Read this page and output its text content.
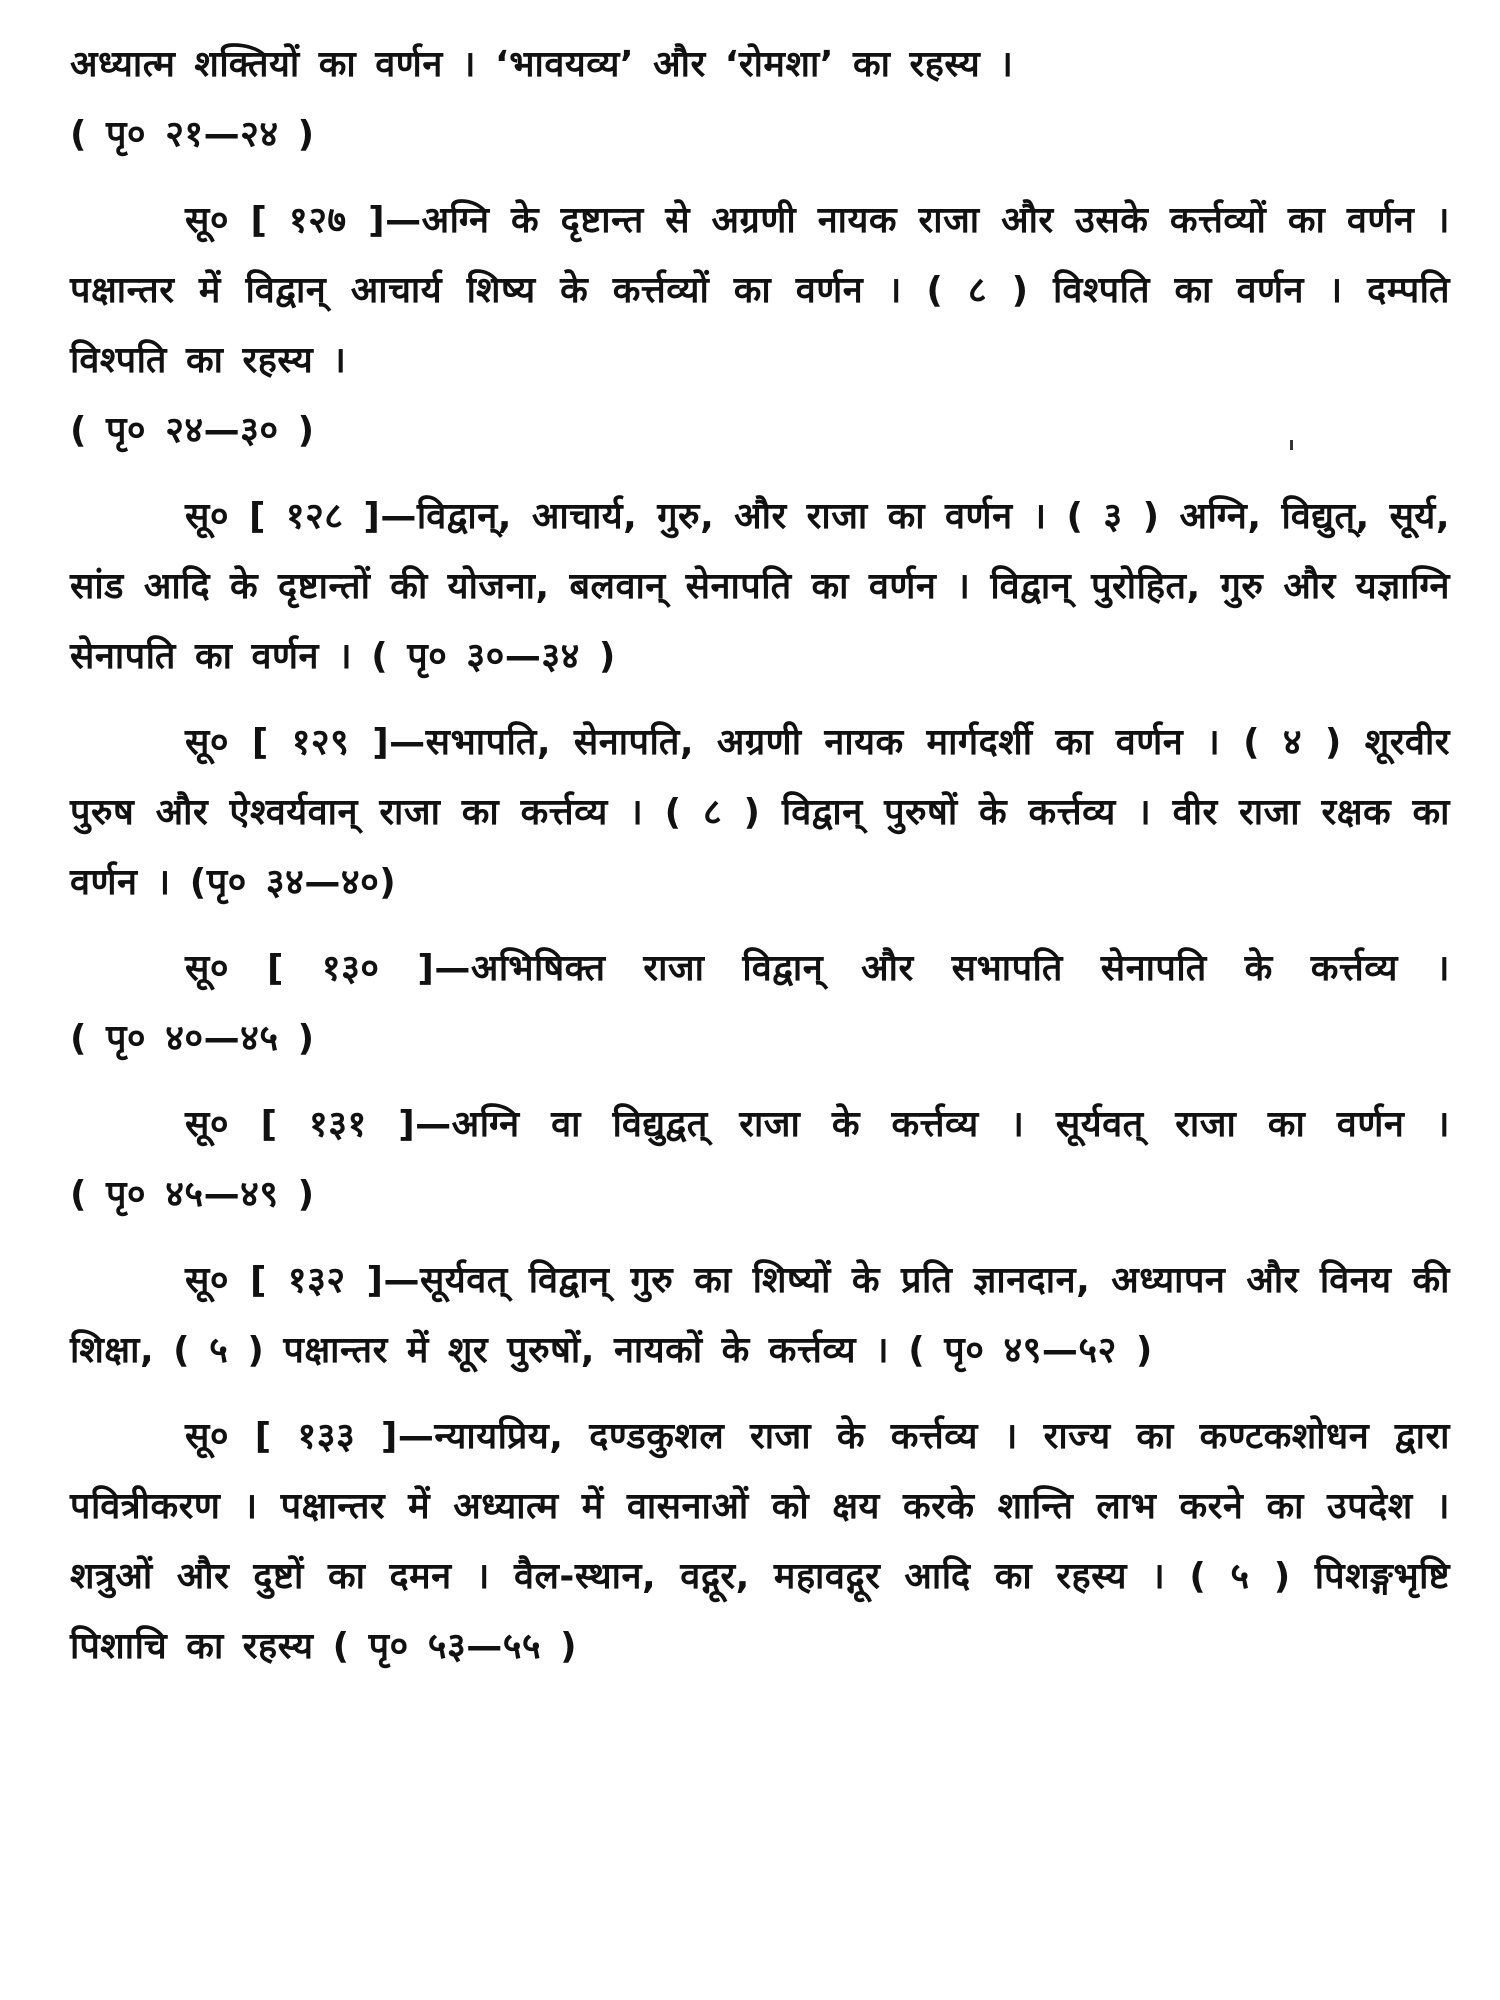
अध्यात्म शक्तियों का वर्णन । ‘भावयव्य’ और ‘रोमशा’ का रहस्य ।
( पृ० २१—२४ )

सू० [ १२७ ]—अग्नि के दृष्टान्त से अग्रणी नायक राजा और उसके कर्त्तव्यों का वर्णन । पक्षान्तर में विद्वान् आचार्य शिष्य के कर्त्तव्यों का वर्णन । ( ८ ) विश्पति का वर्णन । दम्पति विश्पति का रहस्य ।
( पृ० २४—३० )

सू० [ १२८ ]—विद्वान्, आचार्य, गुरु, और राजा का वर्णन । ( ३ ) अग्नि, विद्युत्, सूर्य, सांड आदि के दृष्टान्तों की योजना, बलवान् सेनापति का वर्णन । विद्वान् पुरोहित, गुरु और यज्ञाग्नि सेनापति का वर्णन । ( पृ० ३०—३४ )

सू० [ १२९ ]—सभापति, सेनापति, अग्रणी नायक मार्गदर्शी का वर्णन । ( ४ ) शूरवीर पुरुष और ऐश्वर्यवान् राजा का कर्त्तव्य । ( ८ ) विद्वान् पुरुषों के कर्त्तव्य । वीर राजा रक्षक का वर्णन । (पृ० ३४—४०)

सू० [ १३० ]—अभिषिक्त राजा विद्वान् और सभापति सेनापति के कर्त्तव्य । ( पृ० ४०—४५ )

सू० [ १३१ ]—अग्नि वा विद्युद्वत् राजा के कर्त्तव्य । सूर्यवत् राजा का वर्णन । ( पृ० ४५—४९ )

सू० [ १३२ ]—सूर्यवत् विद्वान् गुरु का शिष्यों के प्रति ज्ञानदान, अध्यापन और विनय की शिक्षा, ( ५ ) पक्षान्तर में शूर पुरुषों, नायकों के कर्त्तव्य । ( पृ० ४९—५२ )

सू० [ १३३ ]—न्यायप्रिय, दण्डकुशल राजा के कर्त्तव्य । राज्य का कण्टकशोधन द्वारा पवित्रीकरण । पक्षान्तर में अध्यात्म में वासनाओं को क्षय करके शान्ति लाभ करने का उपदेश । शत्रुओं और दुष्टों का दमन । वैल-स्थान, वद्गूर, महावद्गूर आदि का रहस्य । ( ५ ) पिशङ्गभृष्टि पिशाचि का रहस्य ( पृ० ५३—५५ )
